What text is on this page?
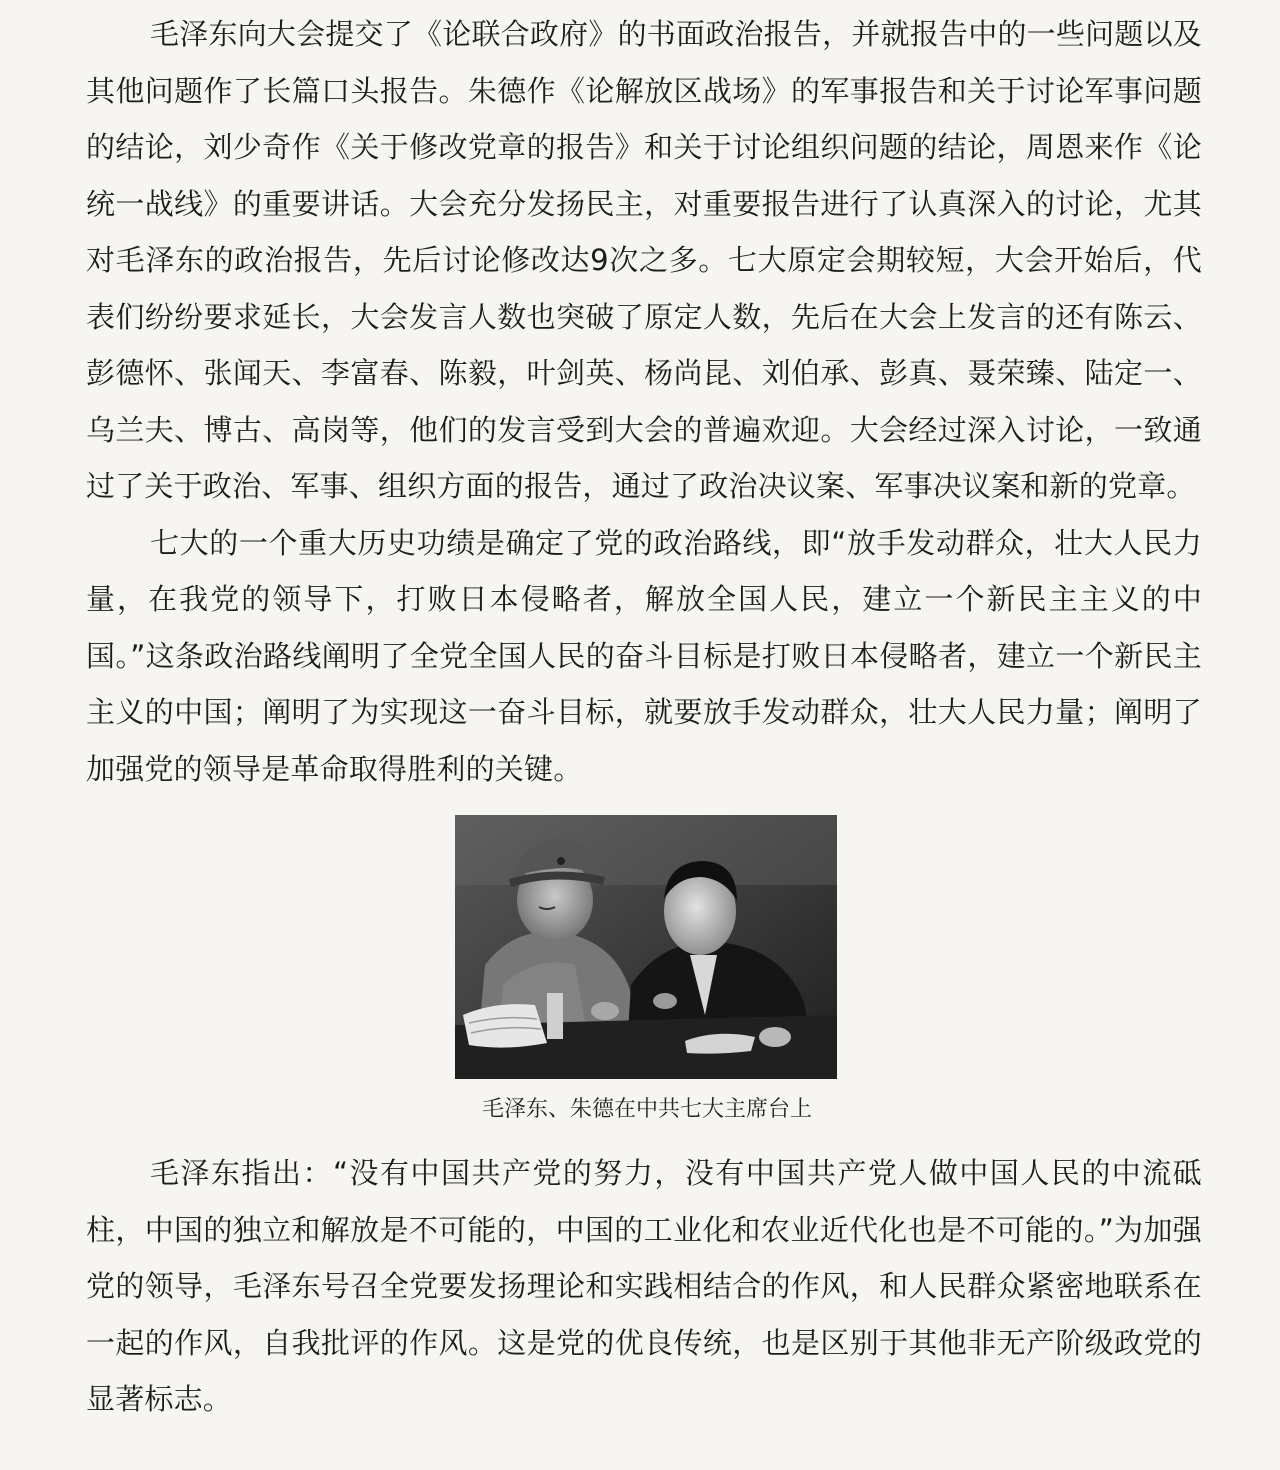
毛泽东向大会提交了《论联合政府》的书面政治报告，并就报告中的一些问题以及其他问题作了长篇口头报告。朱德作《论解放区战场》的军事报告和关于讨论军事问题的结论，刘少奇作《关于修改党章的报告》和关于讨论组织问题的结论，周恩来作《论统一战线》的重要讲话。大会充分发扬民主，对重要报告进行了认真深入的讨论，尤其对毛泽东的政治报告，先后讨论修改达9次之多。七大原定会期较短，大会开始后，代表们纷纷要求延长，大会发言人数也突破了原定人数，先后在大会上发言的还有陈云、彭德怀、张闻天、李富春、陈毅，叶剑英、杨尚昆、刘伯承、彭真、聂荣臻、陆定一、乌兰夫、博古、高岗等，他们的发言受到大会的普遍欢迎。大会经过深入讨论，一致通过了关于政治、军事、组织方面的报告，通过了政治决议案、军事决议案和新的党章。

七大的一个重大历史功绩是确定了党的政治路线，即“放手发动群众，壮大人民力量，在我党的领导下，打败日本侵略者，解放全国人民，建立一个新民主主义的中国。”这条政治路线阐明了全党全国人民的奋斗目标是打败日本侵略者，建立一个新民主主义的中国；阐明了为实现这一奋斗目标，就要放手发动群众，壮大人民力量；阐明了加强党的领导是革命取得胜利的关键。

毛泽东、朱德在中共七大主席台上

毛泽东指出：“没有中国共产党的努力，没有中国共产党人做中国人民的中流砥柱，中国的独立和解放是不可能的，中国的工业化和农业近代化也是不可能的。”为加强党的领导，毛泽东号召全党要发扬理论和实践相结合的作风，和人民群众紧密地联系在一起的作风，自我批评的作风。这是党的优良传统，也是区别于其他非无产阶级政党的显著标志。
